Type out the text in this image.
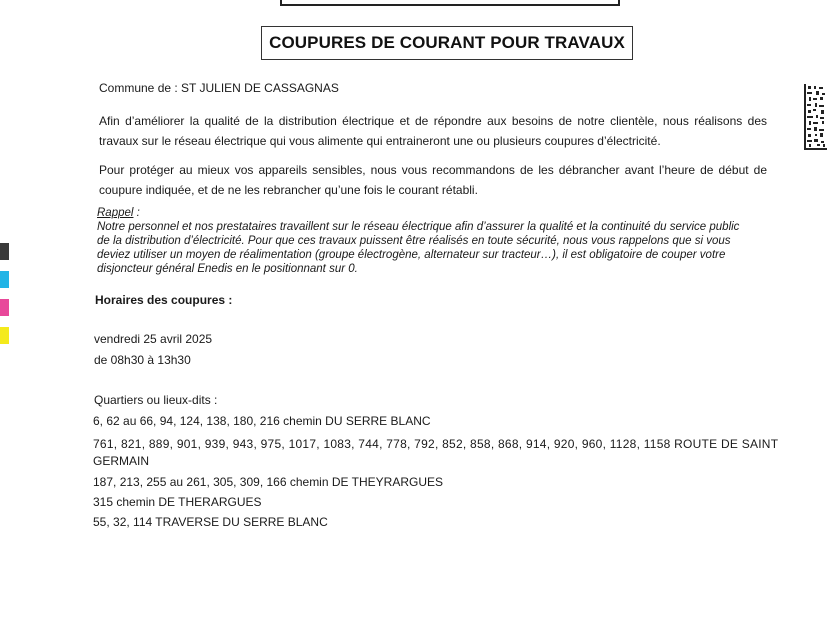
COUPURES DE COURANT POUR TRAVAUX
Commune de : ST JULIEN DE CASSAGNAS
Afin d’améliorer la qualité de la distribution électrique et de répondre aux besoins de notre clientèle, nous réalisons des travaux sur le réseau électrique qui vous alimente qui entraineront une ou plusieurs coupures d’électricité.
Pour protéger au mieux vos appareils sensibles, nous vous recommandons de les débrancher avant l’heure de début de coupure indiquée, et de ne les rebrancher qu’une fois le courant rétabli.
Rappel :
Notre personnel et nos prestataires travaillent sur le réseau électrique afin d’assurer la qualité et la continuité du service public
de la distribution d’électricité. Pour que ces travaux puissent être réalisés en toute sécurité, nous vous rappelons que si vous
deviez utiliser un moyen de réalimentation (groupe électrogène, alternateur sur tracteur…), il est obligatoire de couper votre
disjoncteur général Enedis en le positionnant sur 0.
Horaires des coupures :
vendredi 25 avril 2025
de 08h30 à 13h30
Quartiers ou lieux-dits :
6, 62 au 66, 94, 124, 138, 180, 216 chemin DU SERRE BLANC
761, 821, 889, 901, 939, 943, 975, 1017, 1083, 744, 778, 792, 852, 858, 868, 914, 920, 960, 1128, 1158 ROUTE DE SAINT
GERMAIN
187, 213, 255 au 261, 305, 309, 166 chemin DE THEYRARGUES
315 chemin DE THERARGUES
55, 32, 114 TRAVERSE DU SERRE BLANC
